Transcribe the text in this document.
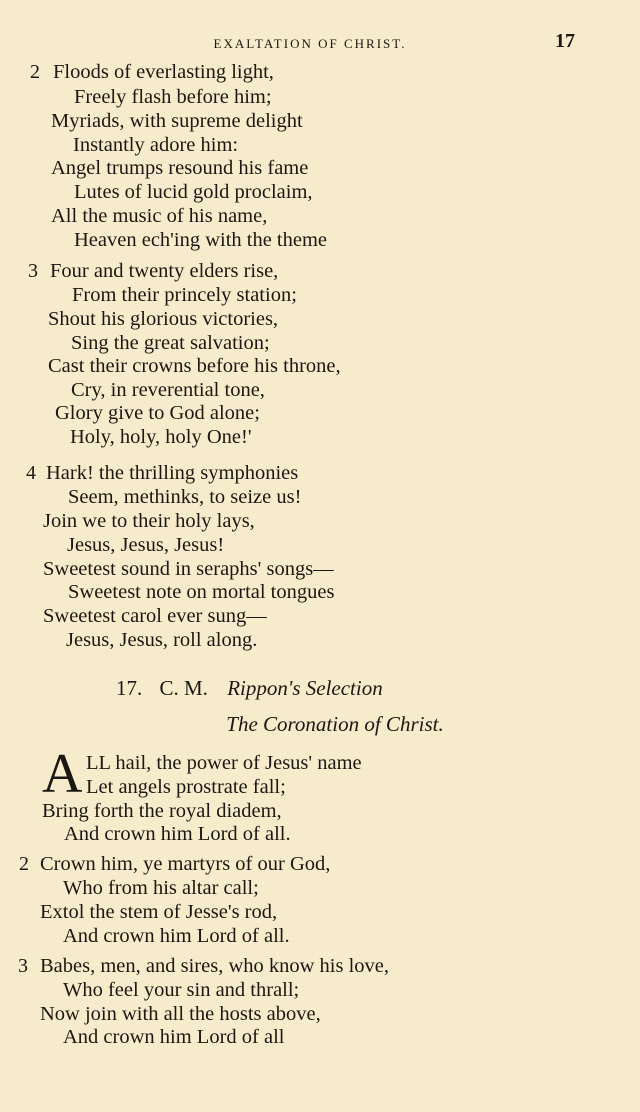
EXALTATION OF CHRIST.	17
2 Floods of everlasting light,
Freely flash before him;
Myriads, with supreme delight
Instantly adore him:
Angel trumps resound his fame
Lutes of lucid gold proclaim,
All the music of his name,
Heaven ech'ing with the theme
3 Four and twenty elders rise,
From their princely station;
Shout his glorious victories,
Sing the great salvation;
Cast their crowns before his throne,
Cry, in reverential tone,
Glory give to God alone;
Holy, holy, holy One!'
4 Hark! the thrilling symphonies
Seem, methinks, to seize us!
Join we to their holy lays,
Jesus, Jesus, Jesus!
Sweetest sound in seraphs' songs—
Sweetest note on mortal tongues
Sweetest carol ever sung—
Jesus, Jesus, roll along.
17. C. M. Rippon's Selection
The Coronation of Christ.
A LL hail, the power of Jesus' name
Let angels prostrate fall;
Bring forth the royal diadem,
And crown him Lord of all.
2 Crown him, ye martyrs of our God,
Who from his altar call;
Extol the stem of Jesse's rod,
And crown him Lord of all.
3 Babes, men, and sires, who know his love,
Who feel your sin and thrall;
Now join with all the hosts above,
And crown him Lord of all
